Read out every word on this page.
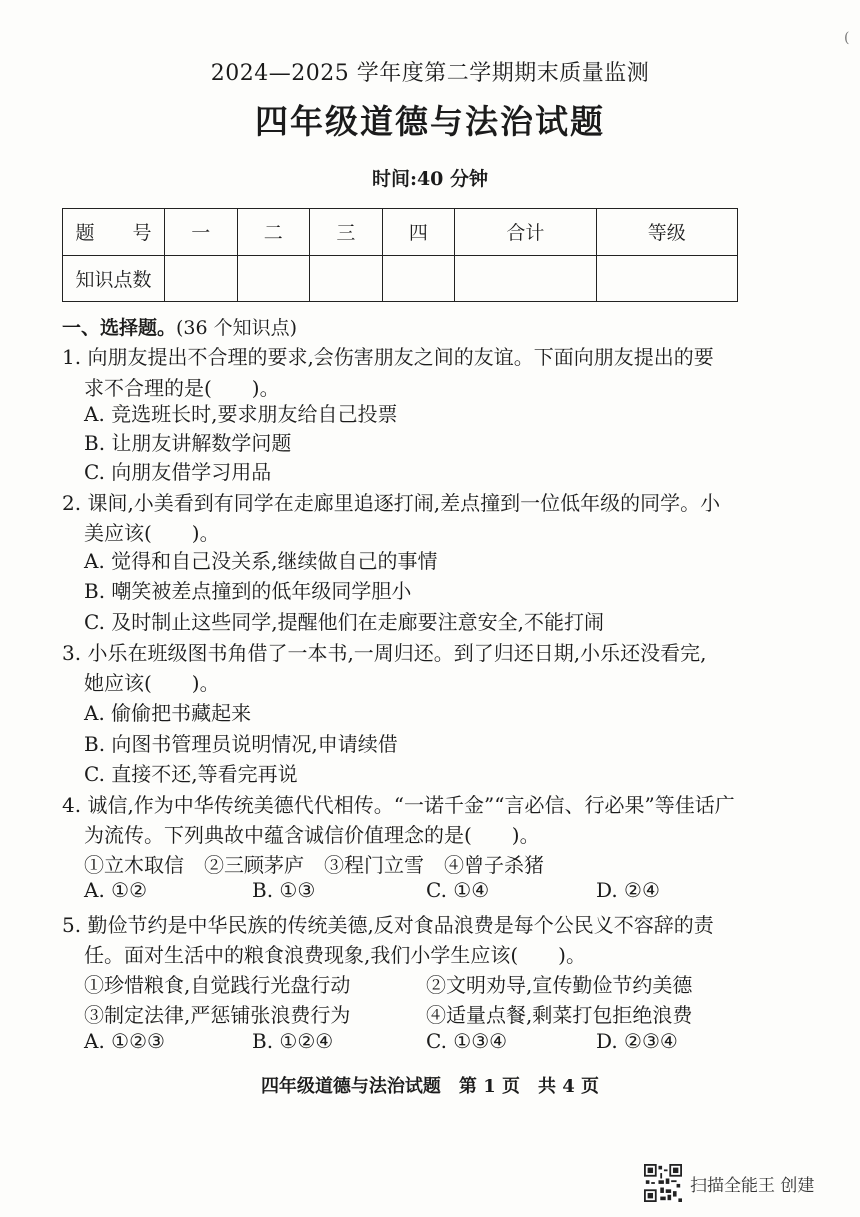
(
2024—2025 学年度第二学期期末质量监测
四年级道德与法治试题
时间:40 分钟
题　　号	一	二	三	四	合计	等级
知识点数						
一、选择题。(36 个知识点)
1. 向朋友提出不合理的要求,会伤害朋友之间的友谊。下面向朋友提出的要
求不合理的是(　　)。
A. 竞选班长时,要求朋友给自己投票
B. 让朋友讲解数学问题
C. 向朋友借学习用品
2. 课间,小美看到有同学在走廊里追逐打闹,差点撞到一位低年级的同学。小
美应该(　　)。
A. 觉得和自己没关系,继续做自己的事情
B. 嘲笑被差点撞到的低年级同学胆小
C. 及时制止这些同学,提醒他们在走廊要注意安全,不能打闹
3. 小乐在班级图书角借了一本书,一周归还。到了归还日期,小乐还没看完,
她应该(　　)。
A. 偷偷把书藏起来
B. 向图书管理员说明情况,申请续借
C. 直接不还,等看完再说
4. 诚信,作为中华传统美德代代相传。“一诺千金”“言必信、行必果”等佳话广
为流传。下列典故中蕴含诚信价值理念的是(　　)。
①立木取信　②三顾茅庐　③程门立雪　④曾子杀猪
A. ①②	B. ①③	C. ①④	D. ②④
5. 勤俭节约是中华民族的传统美德,反对食品浪费是每个公民义不容辞的责
任。面对生活中的粮食浪费现象,我们小学生应该(　　)。
①珍惜粮食,自觉践行光盘行动	②文明劝导,宣传勤俭节约美德
③制定法律,严惩铺张浪费行为	④适量点餐,剩菜打包拒绝浪费
A. ①②③	B. ①②④	C. ①③④	D. ②③④
四年级道德与法治试题　第 1 页　共 4 页
扫描全能王 创建
